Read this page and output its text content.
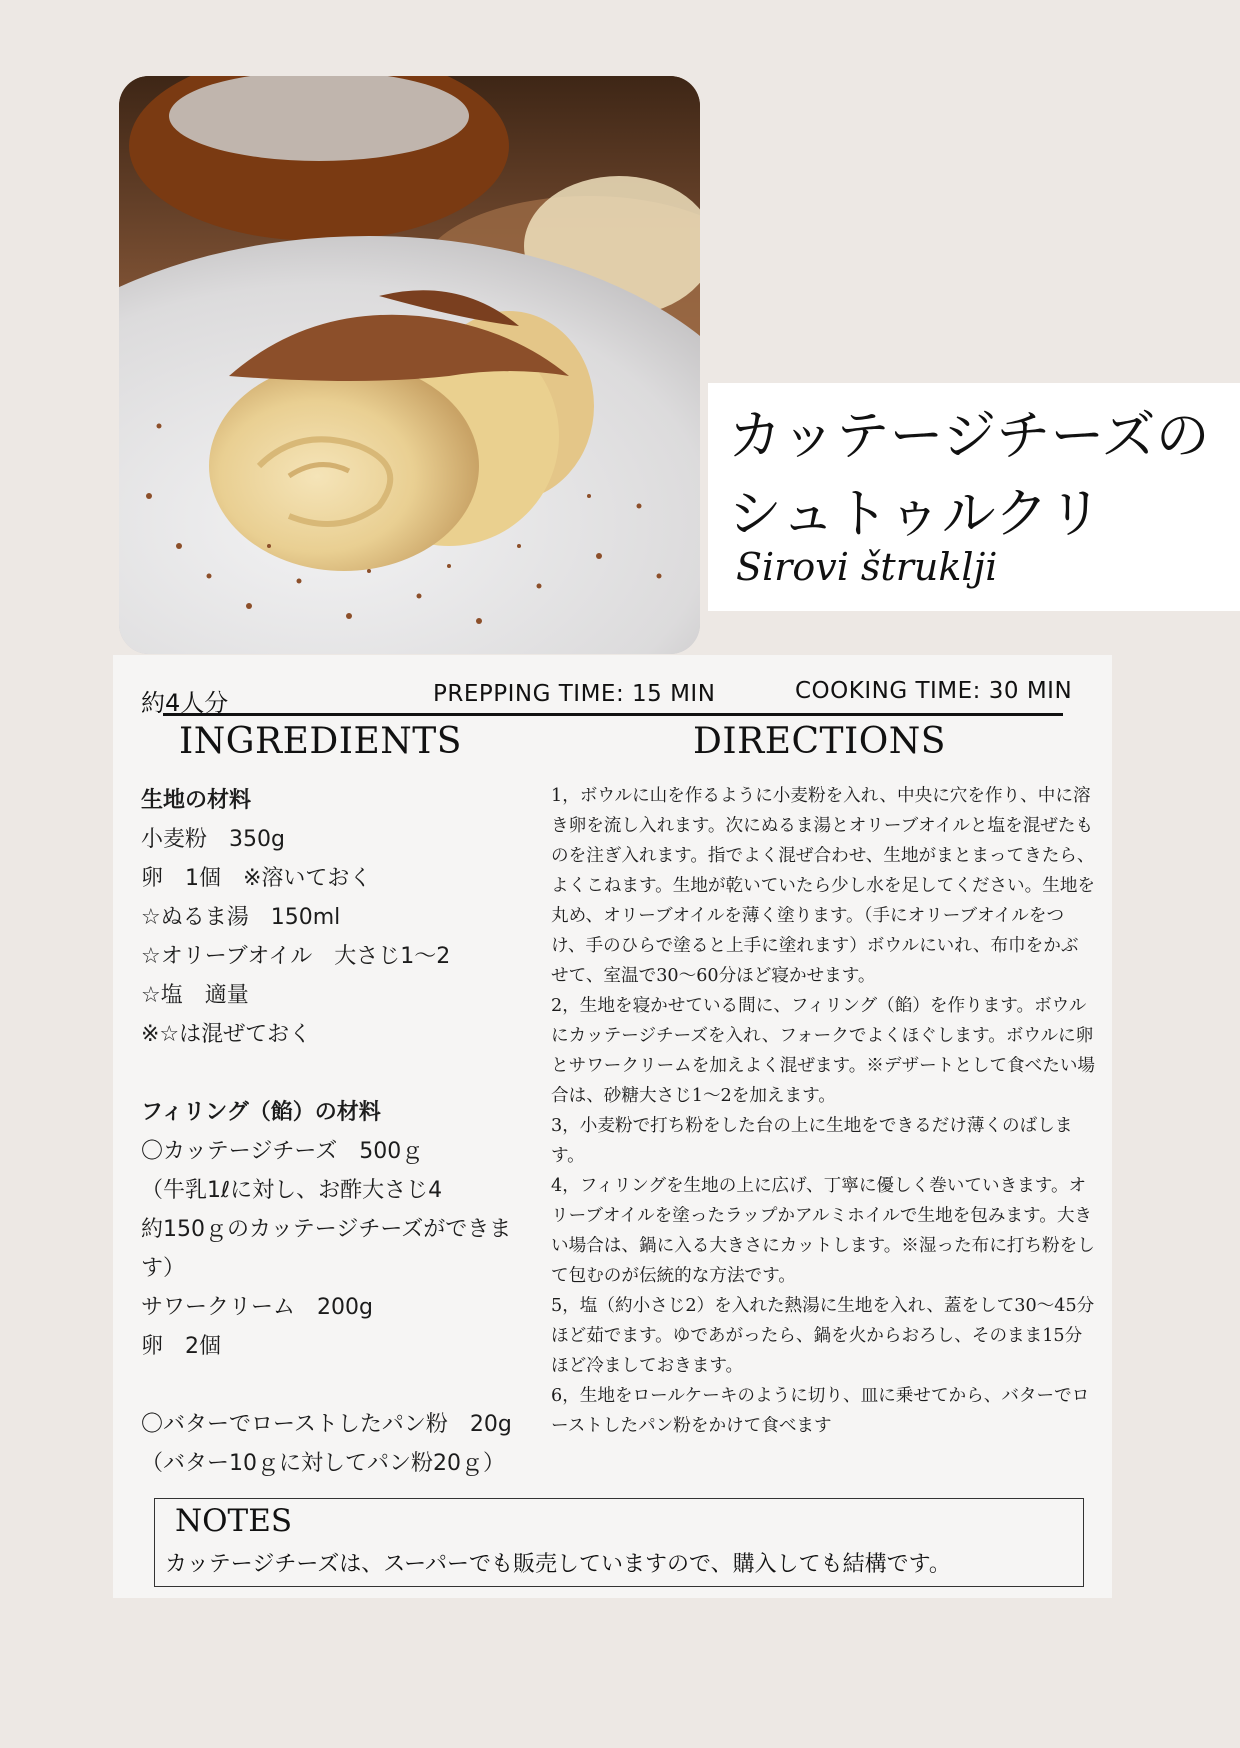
カッテージチーズの
シュトゥルクリ
Sirovi štruklji
約4人分	PREPPING TIME: 15 MIN	COOKING TIME: 30 MIN
INGREDIENTS	DIRECTIONS
生地の材料
小麦粉　350g
卵　1個　※溶いておく
☆ぬるま湯　150ml
☆オリーブオイル　大さじ1〜2
☆塩　適量
※☆は混ぜておく
フィリング（餡）の材料
〇カッテージチーズ　500ｇ
（牛乳1ℓに対し、お酢大さじ4
約150ｇのカッテージチーズができま
す）
サワークリーム　200g
卵　2個
〇バターでローストしたパン粉　20g
（バター10ｇに対してパン粉20ｇ）

1，ボウルに山を作るように小麦粉を入れ、中央に穴を作り、中に溶き卵を流し入れます。次にぬるま湯とオリーブオイルと塩を混ぜたものを注ぎ入れます。指でよく混ぜ合わせ、生地がまとまってきたら、よくこねます。生地が乾いていたら少し水を足してください。生地を丸め、オリーブオイルを薄く塗ります。（手にオリーブオイルをつけ、手のひらで塗ると上手に塗れます）ボウルにいれ、布巾をかぶせて、室温で30〜60分ほど寝かせます。

2，生地を寝かせている間に、フィリング（餡）を作ります。ボウルにカッテージチーズを入れ、フォークでよくほぐします。ボウルに卵とサワークリームを加えよく混ぜます。※デザートとして食べたい場合は、砂糖大さじ1〜2を加えます。

3，小麦粉で打ち粉をした台の上に生地をできるだけ薄くのばします。

4，フィリングを生地の上に広げ、丁寧に優しく巻いていきます。オリーブオイルを塗ったラップかアルミホイルで生地を包みます。大きい場合は、鍋に入る大きさにカットします。※湿った布に打ち粉をして包むのが伝統的な方法です。

5，塩（約小さじ2）を入れた熱湯に生地を入れ、蓋をして30〜45分ほど茹でます。ゆであがったら、鍋を火からおろし、そのまま15分ほど冷ましておきます。

6，生地をロールケーキのように切り、皿に乗せてから、バターでローストしたパン粉をかけて食べます

NOTES
カッテージチーズは、スーパーでも販売していますので、購入しても結構です。
